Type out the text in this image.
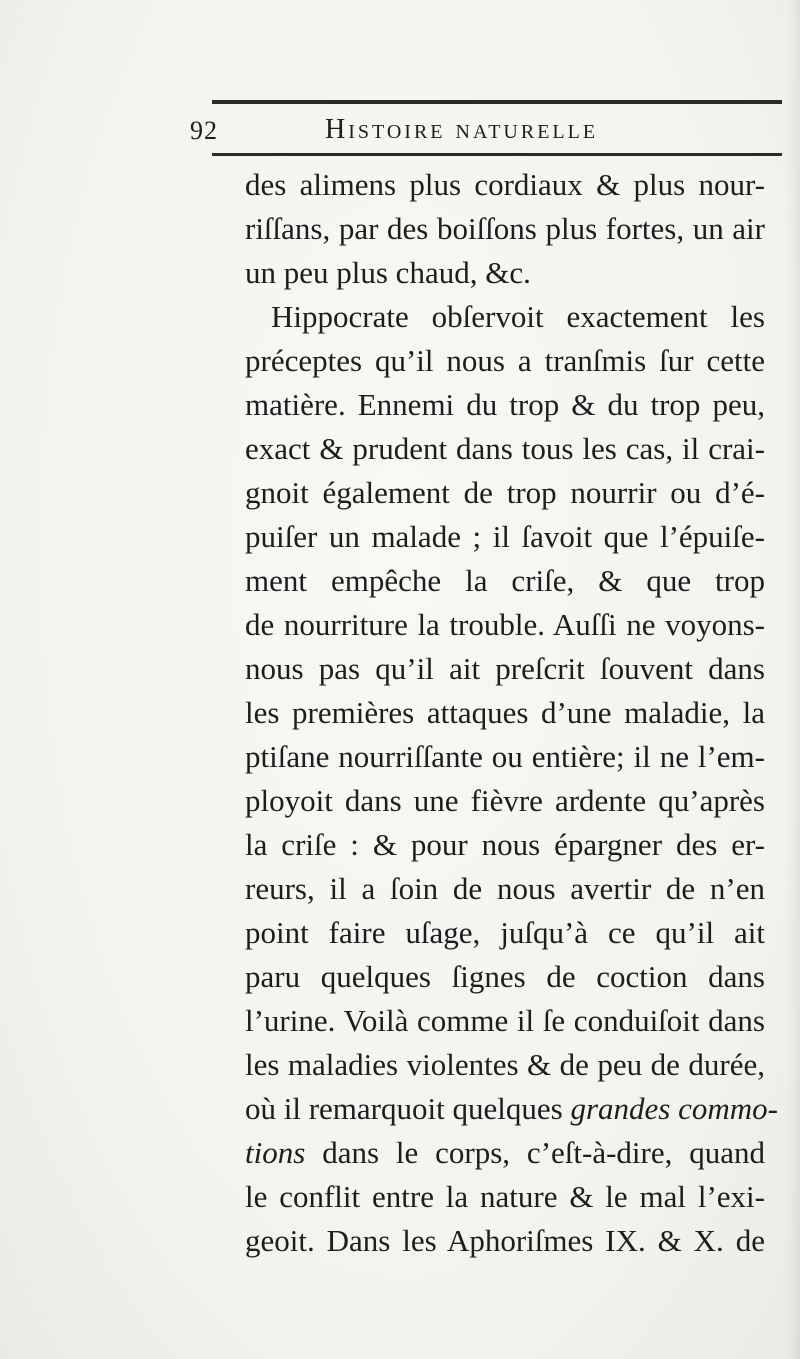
92	Histoire naturelle
des alimens plus cordiaux & plus nour-
riſſans, par des boiſſons plus fortes, un air
un peu plus chaud, &c.
Hippocrate obſervoit exactement les
préceptes qu’il nous a tranſmis ſur cette
matière. Ennemi du trop & du trop peu,
exact & prudent dans tous les cas, il crai-
gnoit également de trop nourrir ou d’é-
puiſer un malade ; il ſavoit que l’épuiſe-
ment empêche la criſe, & que trop
de nourriture la trouble. Auſſi ne voyons-
nous pas qu’il ait preſcrit ſouvent dans
les premières attaques d’une maladie, la
ptiſane nourriſſante ou entière; il ne l’em-
ployoit dans une fièvre ardente qu’après
la criſe : & pour nous épargner des er-
reurs, il a ſoin de nous avertir de n’en
point faire uſage, juſqu’à ce qu’il ait
paru quelques ſignes de coction dans
l’urine. Voilà comme il ſe conduiſoit dans
les maladies violentes & de peu de durée,
où il remarquoit quelques grandes commo-
tions dans le corps, c’eſt-à-dire, quand
le conflit entre la nature & le mal l’exi-
geoit. Dans les Aphoriſmes IX. & X. de
